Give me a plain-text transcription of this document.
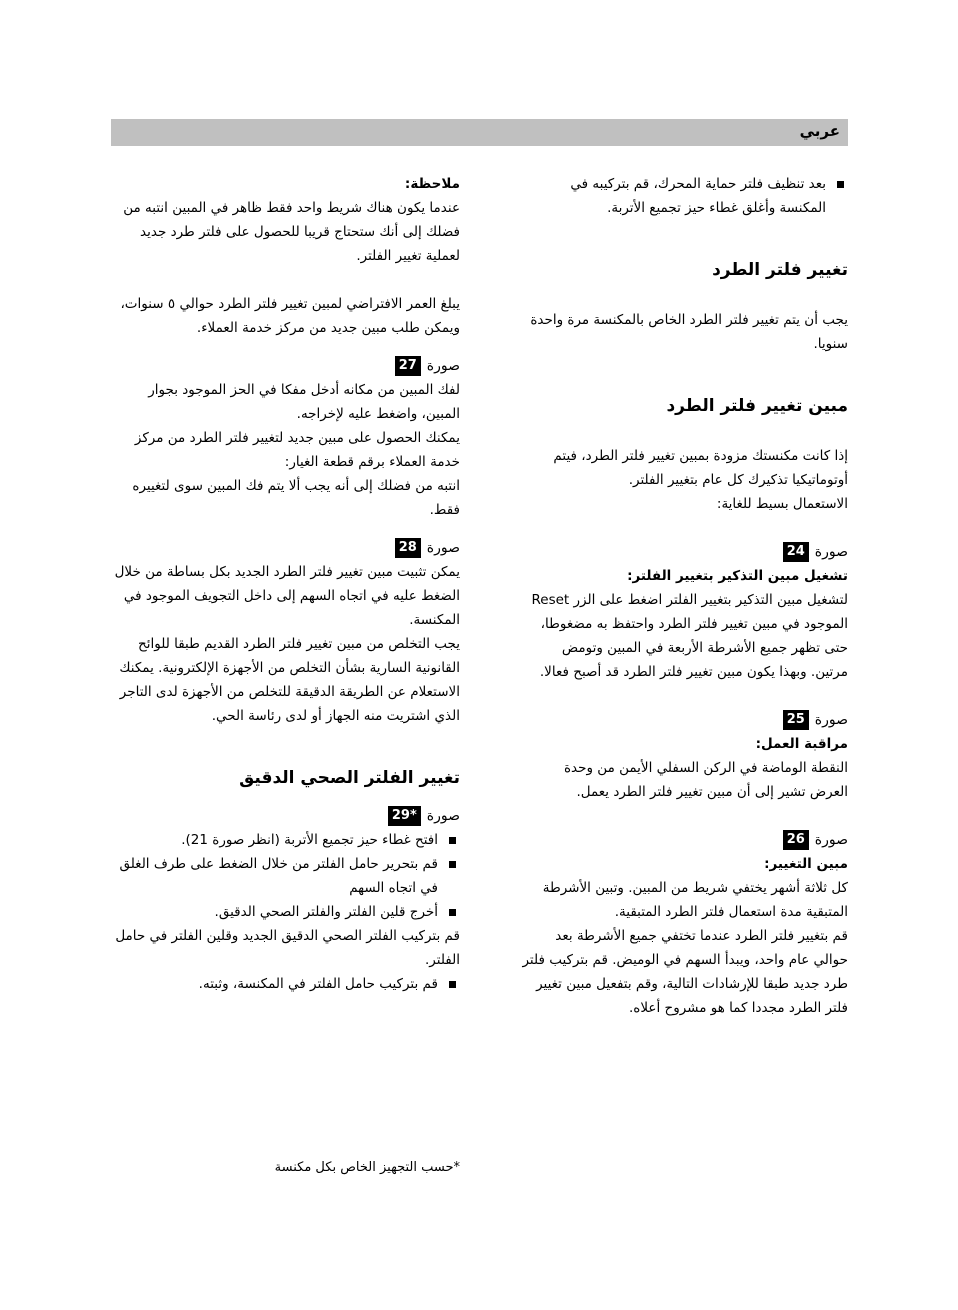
عربي

بعد تنظيف فلتر حماية المحرك، قم بتركيبه في المكنسة وأغلق غطاء حيز تجميع الأتربة.

تغيير فلتر الطرد

يجب أن يتم تغيير فلتر الطرد الخاص بالمكنسة مرة واحدة سنويا.

مبين تغيير فلتر الطرد

إذا كانت مكنستك مزودة بمبين تغيير فلتر الطرد، فيتم أوتوماتيكيا تذكيرك كل عام بتغيير الفلتر.

الاستعمال بسيط للغاية:

صورة
24

تشغيل مبين التذكير بتغيير الفلتر:

لتشغيل مبين التذكير بتغيير الفلتر اضغط على الزر Reset الموجود في مبين تغيير فلتر الطرد واحتفظ به مضغوطا، حتى تظهر جميع الأشرطة الأربعة في المبين وتومض مرتين. وبهذا يكون مبين تغيير فلتر الطرد قد أصبح فعالا.

صورة
25

مراقبة العمل:

النقطة الوماضة في الركن السفلي الأيمن من وحدة العرض تشير إلى أن مبين تغيير فلتر الطرد يعمل.

صورة
26

مبين التغيير:

كل ثلاثة أشهر يختفي شريط من المبين. وتبين الأشرطة المتبقية مدة استعمال فلتر الطرد المتبقية.

قم بتغيير فلتر الطرد عندما تختفي جميع الأشرطة بعد حوالي عام واحد، ويبدأ السهم في الوميض. قم بتركيب فلتر طرد جديد طبقا للإرشادات التالية، وقم بتفعيل مبين تغيير فلتر الطرد مجددا كما هو مشروح أعلاه.

ملاحظة:

عندما يكون هناك شريط واحد فقط ظاهر في المبين انتبه من فضلك إلى أنك ستحتاج قريبا للحصول على فلتر طرد جديد لعملية تغيير الفلتر.

يبلغ العمر الافتراضي لمبين تغيير فلتر الطرد حوالي ٥ سنوات، ويمكن طلب مبين جديد من مركز خدمة العملاء.

صورة
27

لفك المبين من مكانه أدخل مفكا في الحز الموجود بجوار المبين، واضغط عليه لإخراجه.

يمكنك الحصول على مبين جديد لتغيير فلتر الطرد من مركز خدمة العملاء برقم قطعة الغيار:

انتبه من فضلك إلى أنه يجب ألا يتم فك المبين سوى لتغييره فقط.

صورة
28

يمكن تثبيت مبين تغيير فلتر الطرد الجديد بكل بساطة من خلال الضغط عليه في اتجاه السهم إلى داخل التجويف الموجود في المكنسة.

يجب التخلص من مبين تغيير فلتر الطرد القديم طبقا للوائح القانونية السارية بشأن التخلص من الأجهزة الإلكترونية. يمكنك الاستعلام عن الطريقة الدقيقة للتخلص من الأجهزة لدى التاجر الذي اشتريت منه الجهاز أو لدى رئاسة الحي.

تغيير الفلتر الصحي الدقيق

صورة
29*

افتح غطاء حيز تجميع الأتربة (انظر صورة 21).

قم بتحرير حامل الفلتر من خلال الضغط على طرف الغلق في اتجاه السهم

أخرج قلين الفلتر والفلتر الصحي الدقيق.

قم بتركيب الفلتر الصحي الدقيق الجديد وقلين الفلتر في حامل الفلتر.

قم بتركيب حامل الفلتر في المكنسة، وثبته.

*حسب التجهيز الخاص بكل مكنسة
